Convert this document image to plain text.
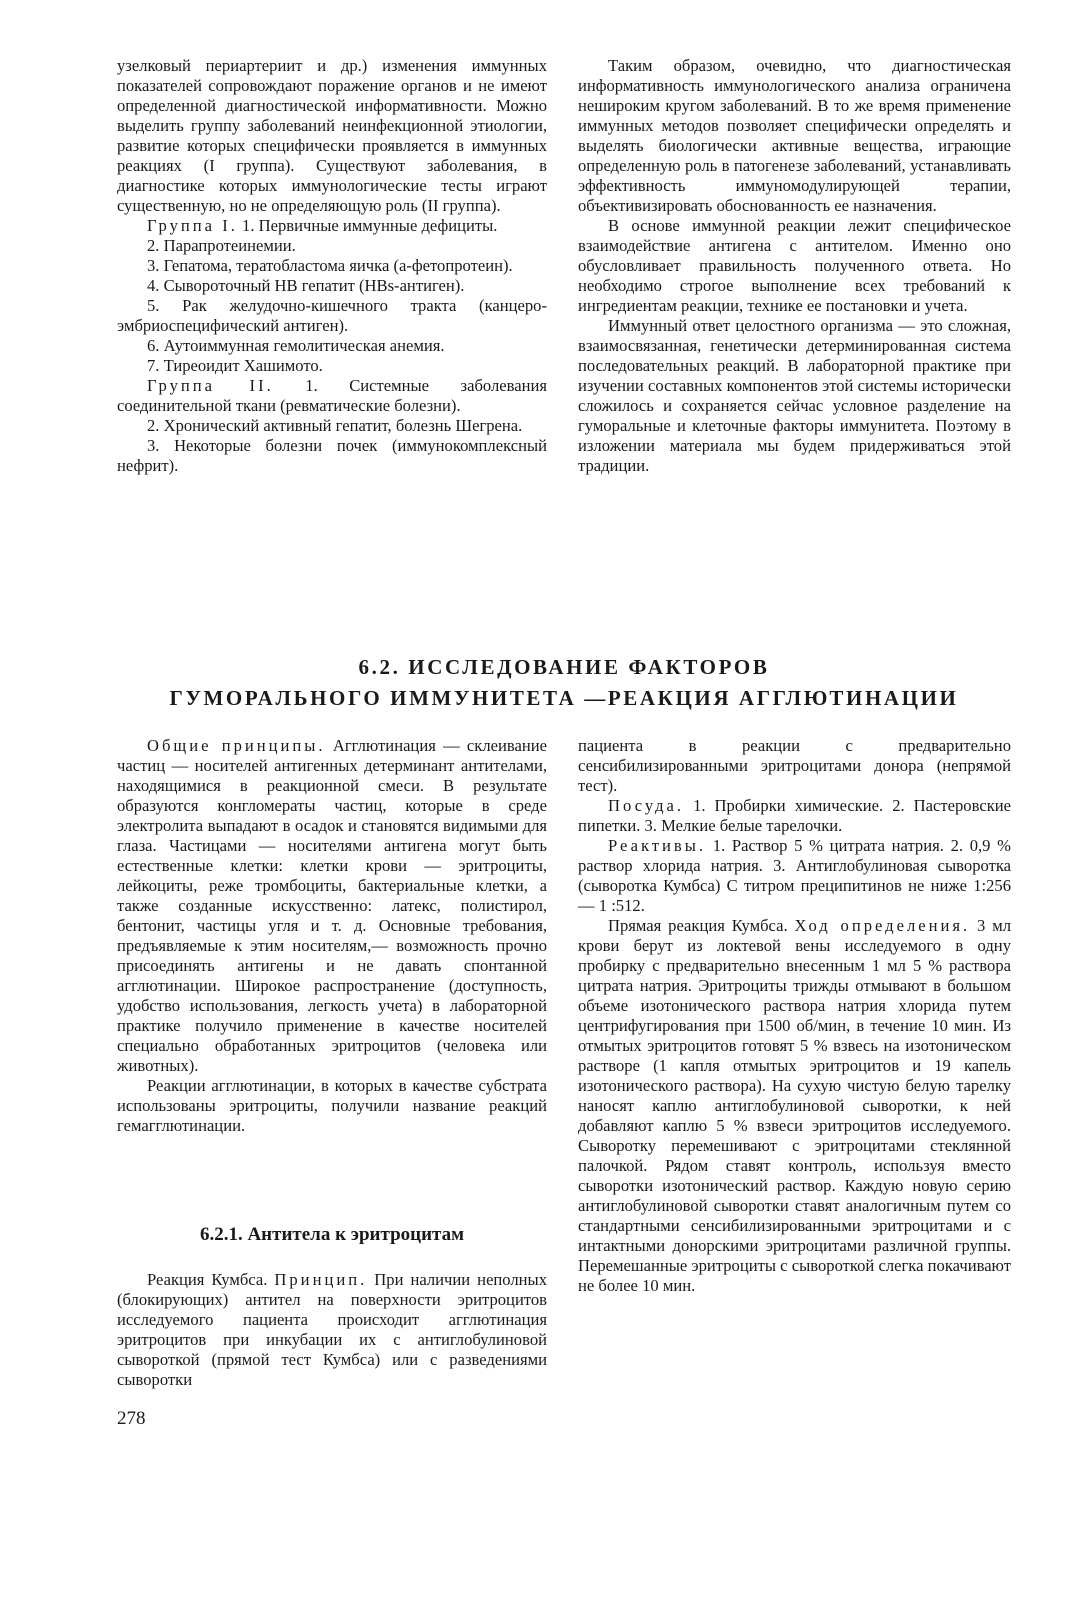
узелковый периартериит и др.) изменения иммунных показателей сопровождают поражение органов и не имеют определенной диагностической информативности. Можно выделить группу заболеваний неинфекционной этиологии, развитие которых специфически проявляется в иммунных реакциях (I группа). Существуют заболевания, в диагностике которых иммунологические тесты играют существенную, но не определяющую роль (II группа).

Группа I. 1. Первичные иммунные дефициты.

2. Парапротеинемии.

3. Гепатома, тератобластома яичка (а-фетопротеин).

4. Сывороточный НВ гепатит (HBs-антиген).

5. Рак желудочно-кишечного тракта (канцеро-эмбриоспецифический антиген).

6. Аутоиммунная гемолитическая анемия.

7. Тиреоидит Хашимото.

Группа II. 1. Системные заболевания соединительной ткани (ревматические болезни).

2. Хронический активный гепатит, болезнь Шегрена.

3. Некоторые болезни почек (иммунокомплексный нефрит).

Таким образом, очевидно, что диагностическая информативность иммунологического анализа ограничена нешироким кругом заболеваний. В то же время применение иммунных методов позволяет специфически определять и выделять биологически активные вещества, играющие определенную роль в патогенезе заболеваний, устанавливать эффективность иммуномодулирующей терапии, объективизировать обоснованность ее назначения.

В основе иммунной реакции лежит специфическое взаимодействие антигена с антителом. Именно оно обусловливает правильность полученного ответа. Но необходимо строгое выполнение всех требований к ингредиентам реакции, технике ее постановки и учета.

Иммунный ответ целостного организма — это сложная, взаимосвязанная, генетически детерминированная система последовательных реакций. В лабораторной практике при изучении составных компонентов этой системы исторически сложилось и сохраняется сейчас условное разделение на гуморальные и клеточные факторы иммунитета. Поэтому в изложении материала мы будем придерживаться этой традиции.

6.2. ИССЛЕДОВАНИЕ ФАКТОРОВ
ГУМОРАЛЬНОГО ИММУНИТЕТА —РЕАКЦИЯ АГГЛЮТИНАЦИИ

Общие принципы. Агглютинация — склеивание частиц — носителей антигенных детерминант антителами, находящимися в реакционной смеси. В результате образуются конгломераты частиц, которые в среде электролита выпадают в осадок и становятся видимыми для глаза. Частицами — носителями антигена могут быть естественные клетки: клетки крови — эритроциты, лейкоциты, реже тромбоциты, бактериальные клетки, а также созданные искусственно: латекс, полистирол, бентонит, частицы угля и т. д. Основные требования, предъявляемые к этим носителям,— возможность прочно присоединять антигены и не давать спонтанной агглютинации. Широкое распространение (доступность, удобство использования, легкость учета) в лабораторной практике получило применение в качестве носителей специально обработанных эритроцитов (человека или животных).

Реакции агглютинации, в которых в качестве субстрата использованы эритроциты, получили название реакций гемагглютинации.

6.2.1. Антитела к эритроцитам

Реакция Кумбса. Принцип. При наличии неполных (блокирующих) антител на поверхности эритроцитов исследуемого пациента происходит агглютинация эритроцитов при инкубации их с антиглобулиновой сывороткой (прямой тест Кумбса) или с разведениями сыворотки

пациента в реакции с предварительно сенсибилизированными эритроцитами донора (непрямой тест).

Посуда. 1. Пробирки химические. 2. Пастеровские пипетки. 3. Мелкие белые тарелочки.

Реактивы. 1. Раствор 5 % цитрата натрия. 2. 0,9 % раствор хлорида натрия. 3. Антиглобулиновая сыворотка (сыворотка Кумбса) С титром преципитинов не ниже 1:256— 1 :512.

Прямая реакция Кумбса. Ход определения. 3 мл крови берут из локтевой вены исследуемого в одну пробирку с предварительно внесенным 1 мл 5 % раствора цитрата натрия. Эритроциты трижды отмывают в большом объеме изотонического раствора натрия хлорида путем центрифугирования при 1500 об/мин, в течение 10 мин. Из отмытых эритроцитов готовят 5 % взвесь на изотоническом растворе (1 капля отмытых эритроцитов и 19 капель изотонического раствора). На сухую чистую белую тарелку наносят каплю антиглобулиновой сыворотки, к ней добавляют каплю 5 % взвеси эритроцитов исследуемого. Сыворотку перемешивают с эритроцитами стеклянной палочкой. Рядом ставят контроль, используя вместо сыворотки изотонический раствор. Каждую новую серию антиглобулиновой сыворотки ставят аналогичным путем со стандартными сенсибилизированными эритроцитами и с интактными донорскими эритроцитами различной группы. Перемешанные эритроциты с сывороткой слегка покачивают не более 10 мин.

278
